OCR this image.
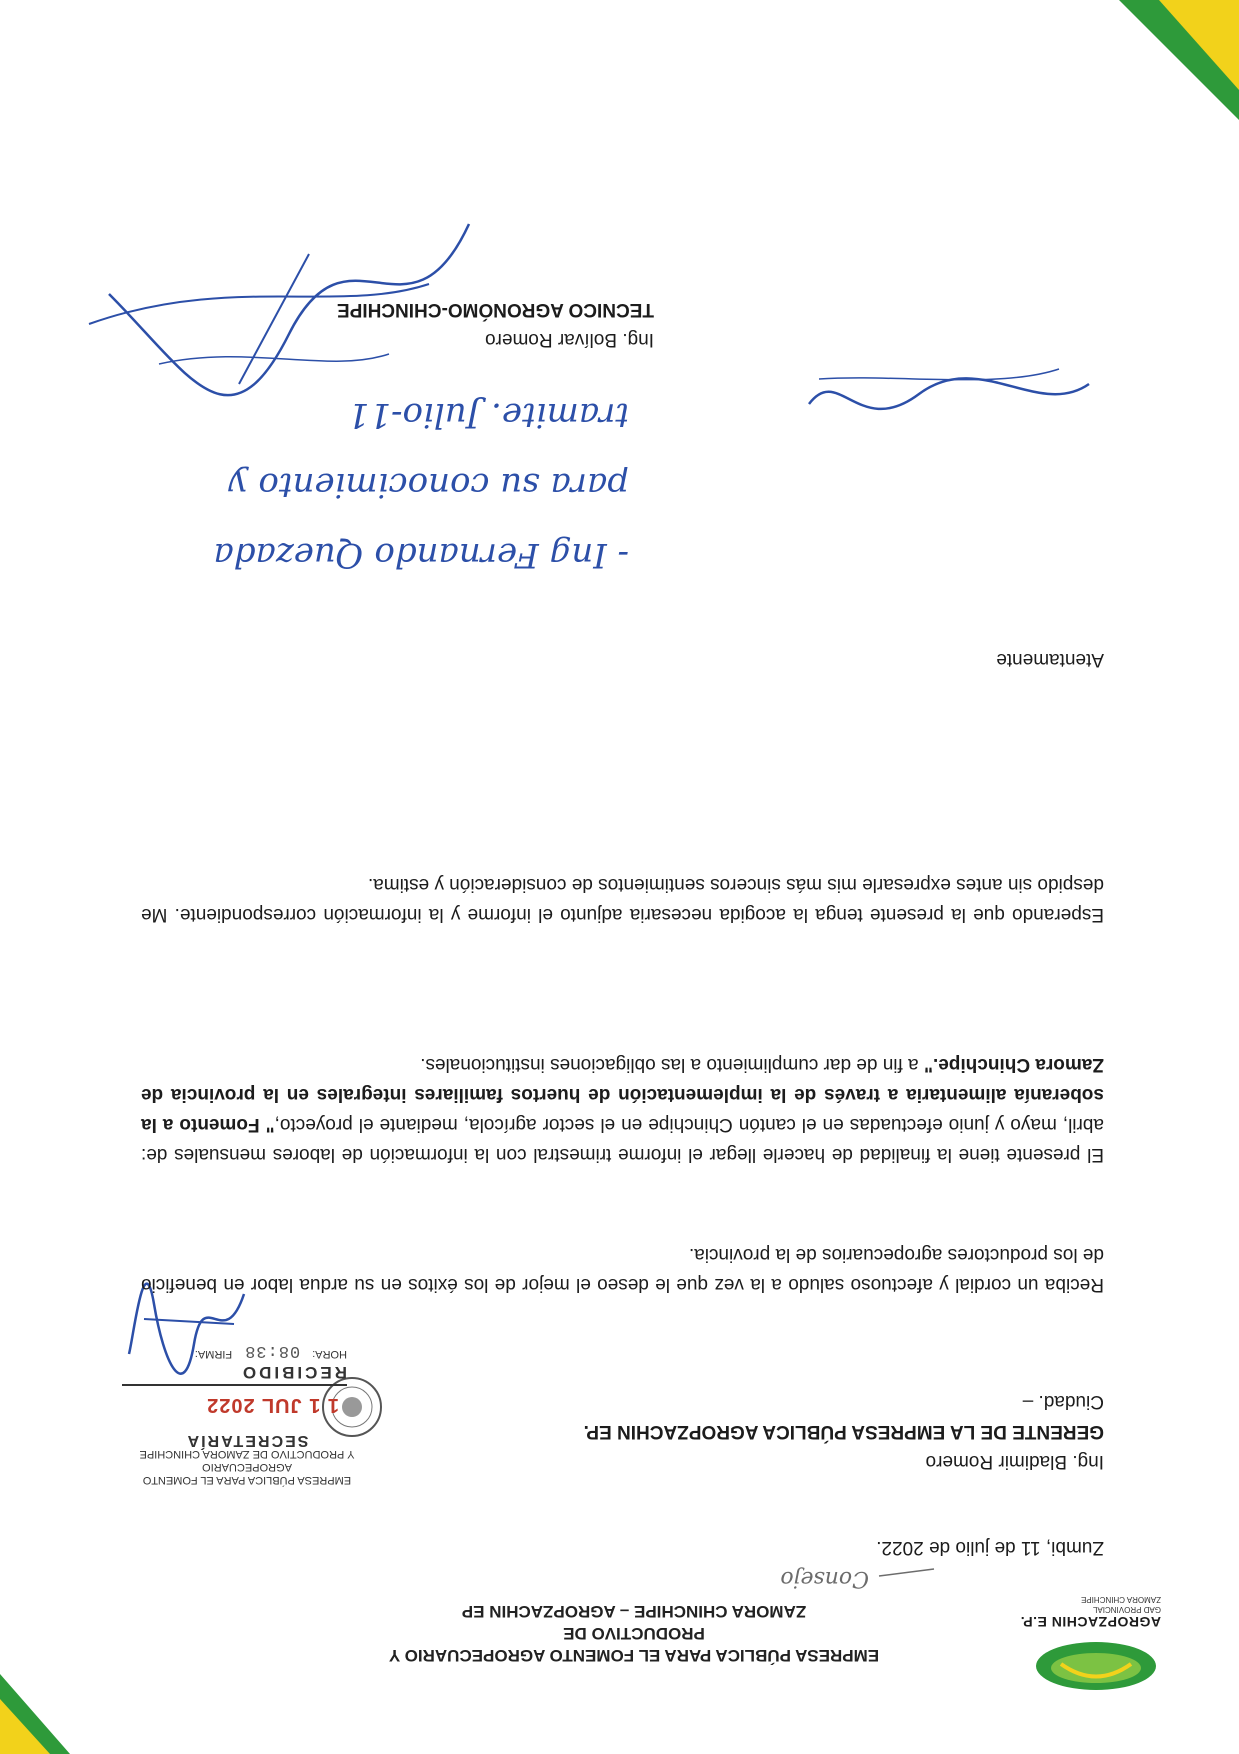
AGROPZACHIN E.P.
GAD PROVINCIAL
ZAMORA CHINCHIPE
EMPRESA PÚBLICA PARA EL FOMENTO AGROPECUARIO Y PRODUCTIVO DE
ZAMORA CHINCHIPE – AGROPZACHIN EP
Consejo
Zumbi, 11 de julio de 2022.
Ing. Bladimir Romero
GERENTE DE LA EMPRESA PÚBLICA AGROPZACHIN EP.
Ciudad. –
EMPRESA PÚBLICA PARA EL FOMENTO AGROPECUARIO
Y PRODUCTIVO DE ZAMORA CHINCHIPE
SECRETARÍA
1 1 JUL 2022
RECIBIDO
HORA:
08:38
FIRMA:
Reciba un cordial y afectuoso saludo a la vez que le deseo el mejor de los éxitos en su ardua labor en beneficio de los productores agropecuarios de la provincia.
El presente tiene la finalidad de hacerle llegar el informe trimestral con la información de labores mensuales de: abril, mayo y junio efectuadas en el cantón Chinchipe en el sector agrícola, mediante el proyecto," Fomento a la soberanía alimentaria a través de la implementación de huertos familiares integrales en la provincia de Zamora Chinchipe." a fin de dar cumplimiento a las obligaciones institucionales.
Esperando que la presente tenga la acogida necesaria adjunto el informe y la información correspondiente. Me despido sin antes expresarle mis más sinceros sentimientos de consideración y estima.
Atentamente
- Ing Fernando Quezada
para su conocimiento y
tramite. Julio-11
Ing. Bolívar Romero
TECNICO AGRONÓMO-CHINCHIPE
